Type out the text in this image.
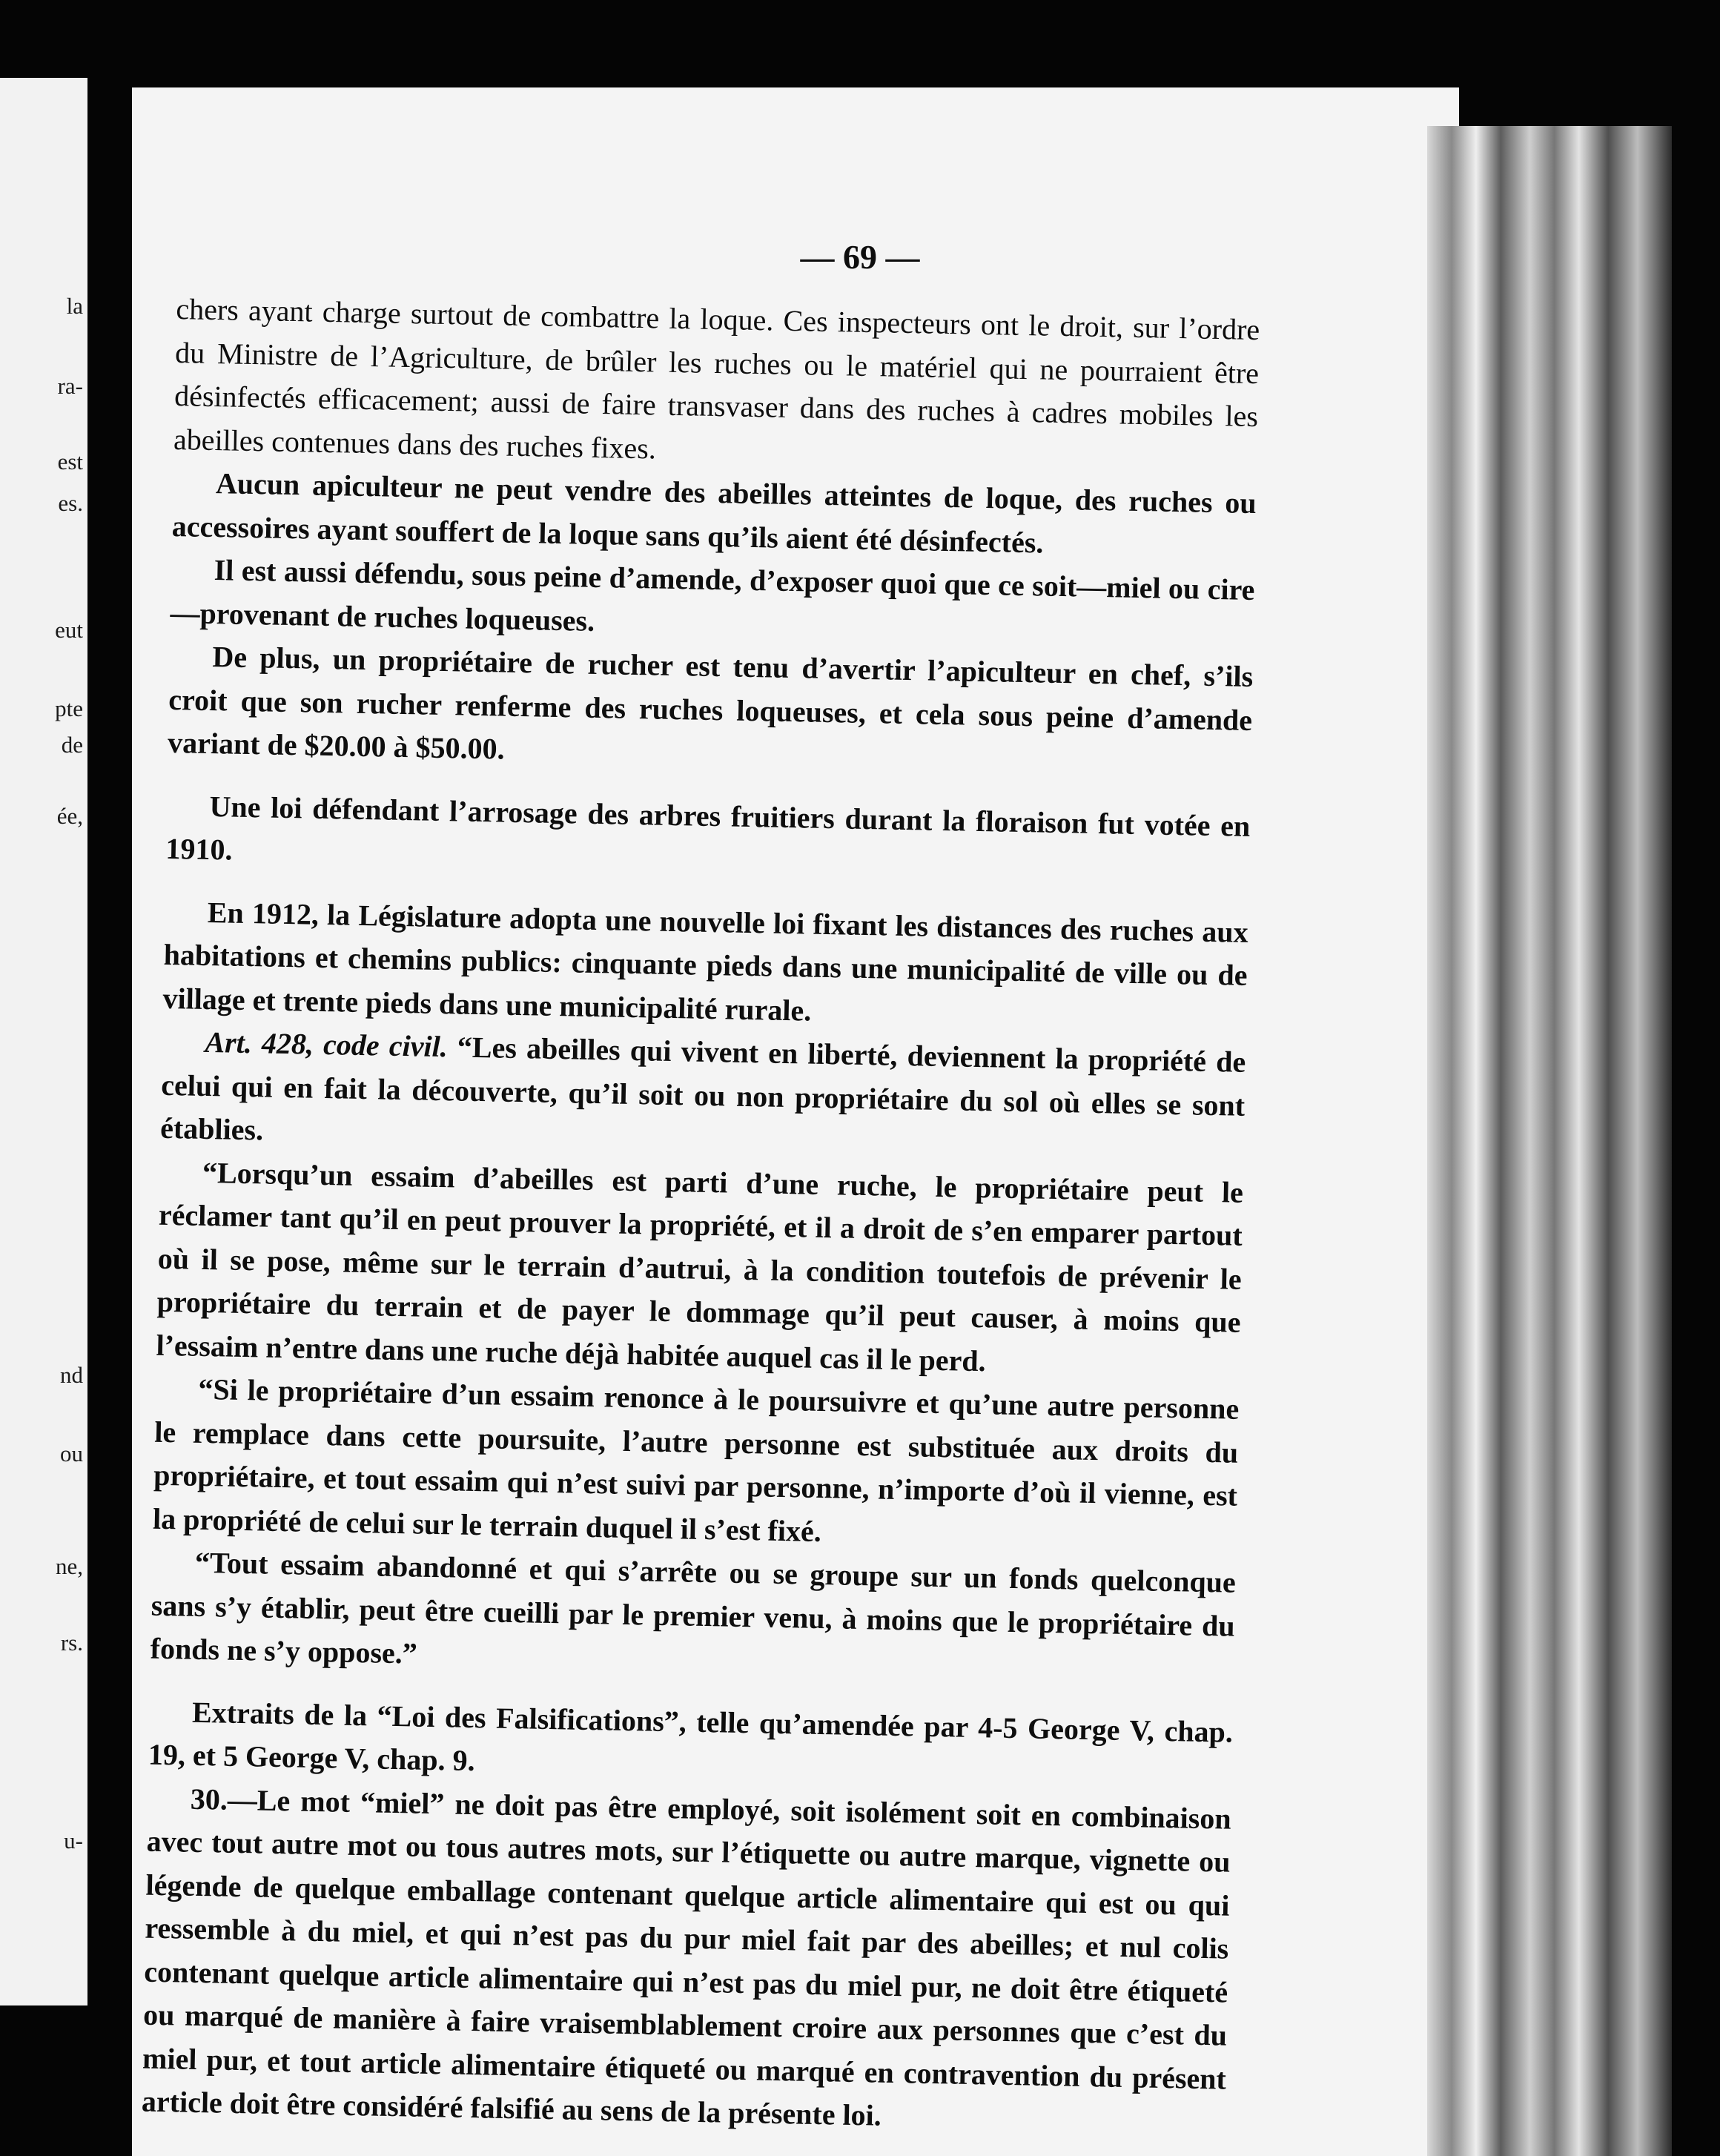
la
ra-
est
es.
eut
pte
de
ée,
nd
ou
ne,
rs.
u-
— 69 —

chers ayant charge surtout de combattre la loque. Ces inspecteurs ont le droit, sur l’ordre du Ministre de l’Agriculture, de brûler les ruches ou le matériel qui ne pourraient être désinfectés efficacement; aussi de faire transvaser dans des ruches à cadres mobiles les abeilles contenues dans des ruches fixes.

Aucun apiculteur ne peut vendre des abeilles atteintes de loque, des ruches ou accessoires ayant souffert de la loque sans qu’ils aient été désinfectés.

Il est aussi défendu, sous peine d’amende, d’exposer quoi que ce soit—miel ou cire—provenant de ruches loqueuses.

De plus, un propriétaire de rucher est tenu d’avertir l’apiculteur en chef, s’ils croit que son rucher renferme des ruches loqueuses, et cela sous peine d’amende variant de $20.00 à $50.00.

Une loi défendant l’arrosage des arbres fruitiers durant la floraison fut votée en 1910.

En 1912, la Législature adopta une nouvelle loi fixant les distances des ruches aux habitations et chemins publics: cinquante pieds dans une municipalité de ville ou de village et trente pieds dans une municipalité rurale.

Art. 428, code civil. “Les abeilles qui vivent en liberté, deviennent la propriété de celui qui en fait la découverte, qu’il soit ou non propriétaire du sol où elles se sont établies.

“Lorsqu’un essaim d’abeilles est parti d’une ruche, le propriétaire peut le réclamer tant qu’il en peut prouver la propriété, et il a droit de s’en emparer partout où il se pose, même sur le terrain d’autrui, à la condition toutefois de prévenir le propriétaire du terrain et de payer le dommage qu’il peut causer, à moins que l’essaim n’entre dans une ruche déjà habitée auquel cas il le perd.

“Si le propriétaire d’un essaim renonce à le poursuivre et qu’une autre personne le remplace dans cette poursuite, l’autre personne est substituée aux droits du propriétaire, et tout essaim qui n’est suivi par personne, n’importe d’où il vienne, est la propriété de celui sur le terrain duquel il s’est fixé.

“Tout essaim abandonné et qui s’arrête ou se groupe sur un fonds quelconque sans s’y établir, peut être cueilli par le premier venu, à moins que le propriétaire du fonds ne s’y oppose.”

Extraits de la “Loi des Falsifications”, telle qu’amendée par 4-5 George V, chap. 19, et 5 George V, chap. 9.

30.—Le mot “miel” ne doit pas être employé, soit isolément soit en combinaison avec tout autre mot ou tous autres mots, sur l’étiquette ou autre marque, vignette ou légende de quelque emballage contenant quelque article alimentaire qui est ou qui ressemble à du miel, et qui n’est pas du pur miel fait par des abeilles; et nul colis contenant quelque article alimentaire qui n’est pas du miel pur, ne doit être étiqueté ou marqué de manière à faire vraisemblablement croire aux personnes que c’est du miel pur, et tout article alimentaire étiqueté ou marqué en contravention du présent article doit être considéré falsifié au sens de la présente loi.
